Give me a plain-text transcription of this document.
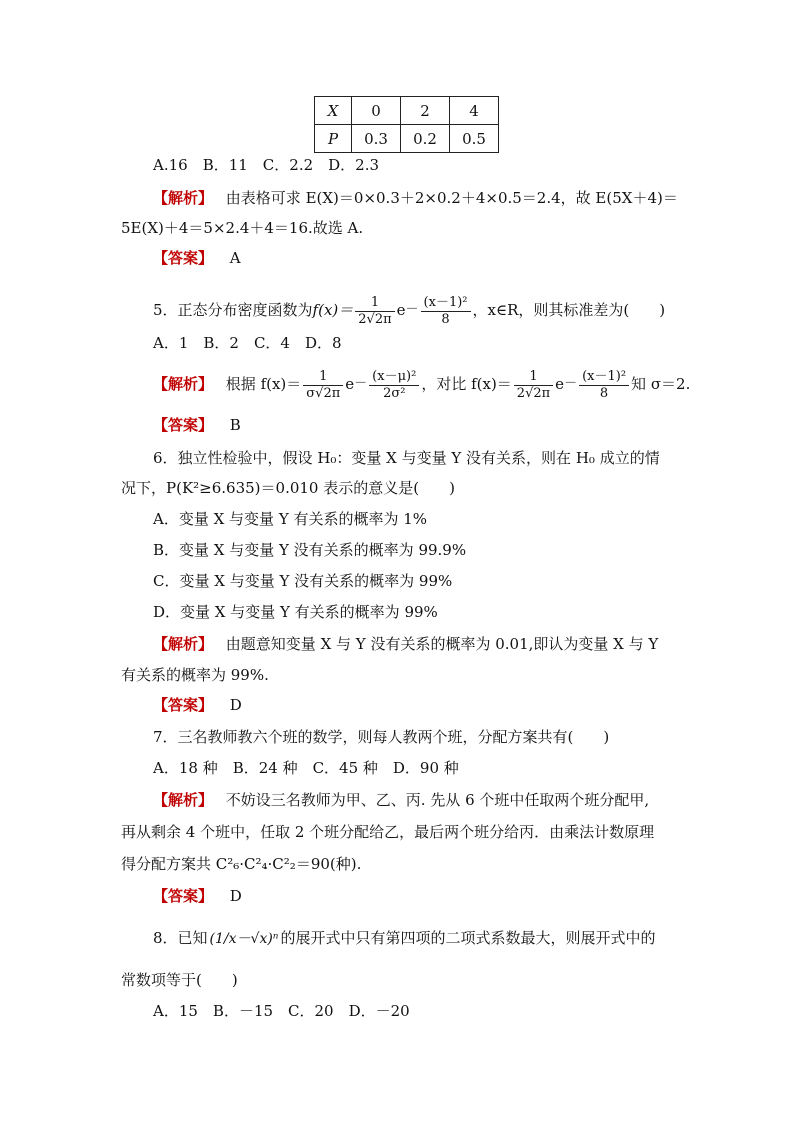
X	0	2	4
P	0.3	0.2	0.5
A.16　B．11　C．2.2　D．2.3
【解析】 由表格可求 E(X)＝0×0.3＋2×0.2＋4×0.5＝2.4，故 E(5X＋4)＝
5E(X)＋4＝5×2.4＋4＝16.故选 A.
【答案】 A
5．正态分布密度函数为$f(x)= \frac{1}{2√2\pi} e- \frac{\text{(x－1)²}}{8}$ ，x∈R，则其标准差为(　　)
A．1　B．2　C．4　D．8
【解析】 根据 $f(x)= \frac{1}{\sigma√2\pi} e- \frac{\text{(x－μ)²}}{\text{2σ²}}$ ，对比 $f(x)= \frac{1}{2√2\pi} e- \frac{\text{(x－1)²}}{8}$ 知 σ＝2.
【答案】 B
6．独立性检验中，假设 H₀：变量 X 与变量 Y 没有关系，则在 H₀ 成立的情
况下，P(K²≥6.635)＝0.010 表示的意义是(　　)
A．变量 X 与变量 Y 有关系的概率为 1%
B．变量 X 与变量 Y 没有关系的概率为 99.9%
C．变量 X 与变量 Y 没有关系的概率为 99%
D．变量 X 与变量 Y 有关系的概率为 99%
【解析】 由题意知变量 X 与 Y 没有关系的概率为 0.01,即认为变量 X 与 Y
有关系的概率为 99%.
【答案】 D
7．三名教师教六个班的数学，则每人教两个班，分配方案共有(　　)
A．18 种　B．24 种　C．45 种　D．90 种
【解析】 不妨设三名教师为甲、乙、丙. 先从 6 个班中任取两个班分配甲,
再从剩余 4 个班中，任取 2 个班分配给乙，最后两个班分给丙．由乘法计数原理
得分配方案共 C²₆·C²₄·C²₂＝90(种).
【答案】 D
8．已知 (1/x－√x)ⁿ 的展开式中只有第四项的二项式系数最大，则展开式中的
常数项等于(　　)
A．15　B．－15　C．20　D．－20
